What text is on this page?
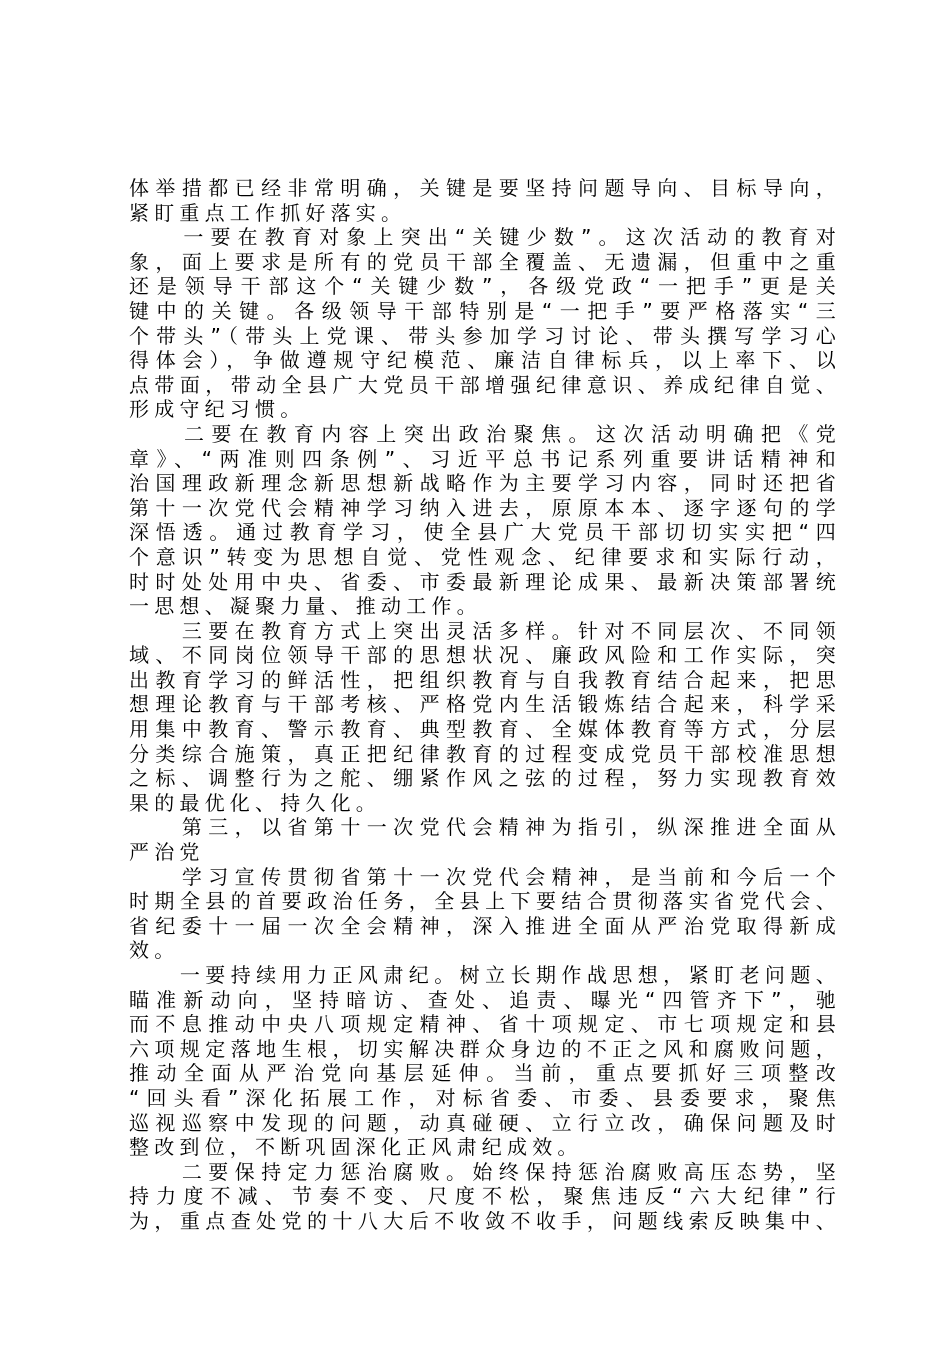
体举措都已经非常明确，关键是要坚持问题导向、目标导向，
紧盯重点工作抓好落实。
　　一要在教育对象上突出“关键少数”。这次活动的教育对
象，面上要求是所有的党员干部全覆盖、无遗漏，但重中之重
还是领导干部这个“关键少数”，各级党政“一把手”更是关
键中的关键。各级领导干部特别是“一把手”要严格落实“三
个带头”（带头上党课、带头参加学习讨论、带头撰写学习心
得体会），争做遵规守纪模范、廉洁自律标兵，以上率下、以
点带面，带动全县广大党员干部增强纪律意识、养成纪律自觉、
形成守纪习惯。
　　二要在教育内容上突出政治聚焦。这次活动明确把《党
章》、“两准则四条例”、习近平总书记系列重要讲话精神和
治国理政新理念新思想新战略作为主要学习内容，同时还把省
第十一次党代会精神学习纳入进去，原原本本、逐字逐句的学
深悟透。通过教育学习，使全县广大党员干部切切实实把“四
个意识”转变为思想自觉、党性观念、纪律要求和实际行动，
时时处处用中央、省委、市委最新理论成果、最新决策部署统
一思想、凝聚力量、推动工作。
　　三要在教育方式上突出灵活多样。针对不同层次、不同领
域、不同岗位领导干部的思想状况、廉政风险和工作实际，突
出教育学习的鲜活性，把组织教育与自我教育结合起来，把思
想理论教育与干部考核、严格党内生活锻炼结合起来，科学采
用集中教育、警示教育、典型教育、全媒体教育等方式，分层
分类综合施策，真正把纪律教育的过程变成党员干部校准思想
之标、调整行为之舵、绷紧作风之弦的过程，努力实现教育效
果的最优化、持久化。
　　第三，以省第十一次党代会精神为指引，纵深推进全面从
严治党
　　学习宣传贯彻省第十一次党代会精神，是当前和今后一个
时期全县的首要政治任务，全县上下要结合贯彻落实省党代会、
省纪委十一届一次全会精神，深入推进全面从严治党取得新成
效。
　　一要持续用力正风肃纪。树立长期作战思想，紧盯老问题、
瞄准新动向，坚持暗访、查处、追责、曝光“四管齐下”，驰
而不息推动中央八项规定精神、省十项规定、市七项规定和县
六项规定落地生根，切实解决群众身边的不正之风和腐败问题，
推动全面从严治党向基层延伸。当前，重点要抓好三项整改
“回头看”深化拓展工作，对标省委、市委、县委要求，聚焦
巡视巡察中发现的问题，动真碰硬、立行立改，确保问题及时
整改到位，不断巩固深化正风肃纪成效。
　　二要保持定力惩治腐败。始终保持惩治腐败高压态势，坚
持力度不减、节奏不变、尺度不松，聚焦违反“六大纪律”行
为，重点查处党的十八大后不收敛不收手，问题线索反映集中、
